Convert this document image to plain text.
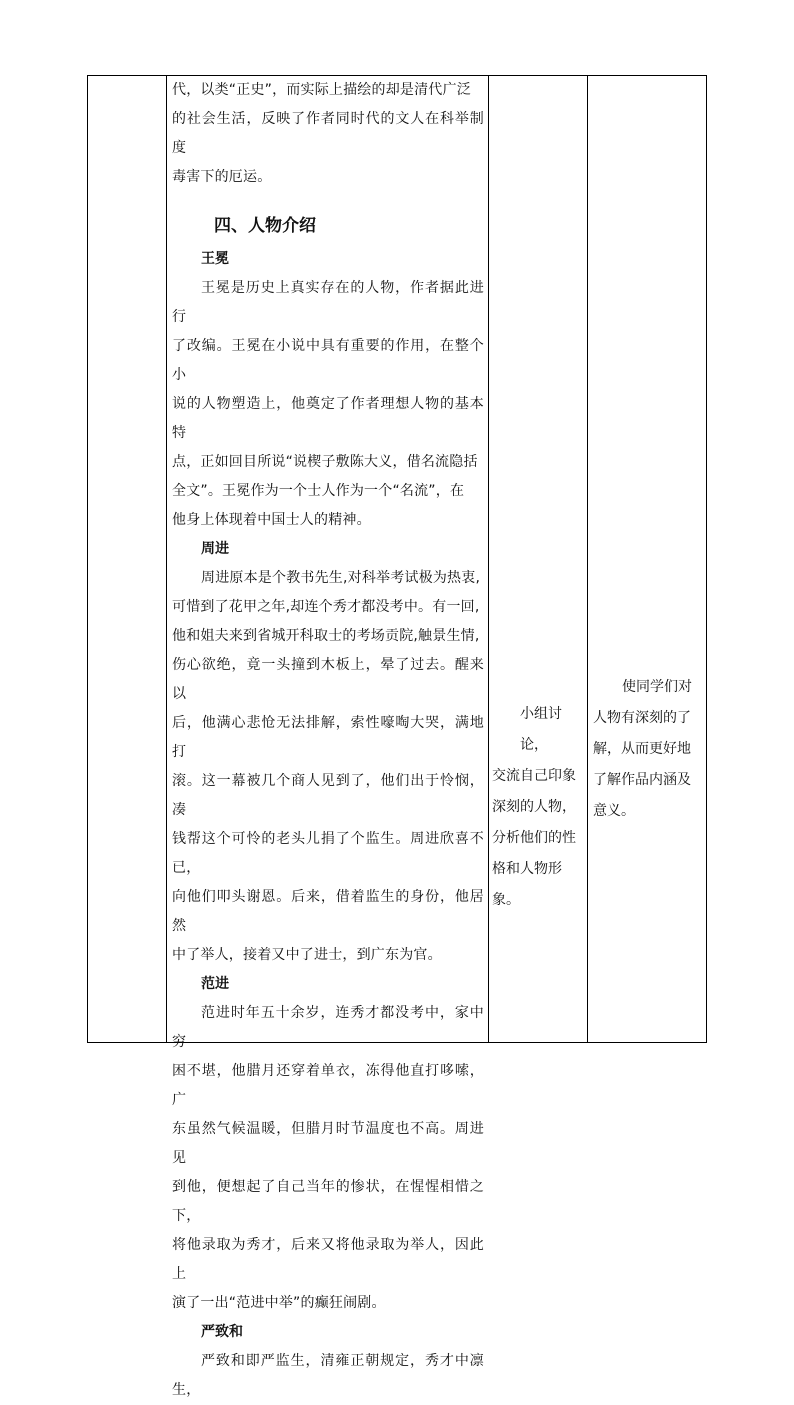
代，以类“正史”，而实际上描绘的却是清代广泛

的社会生活，反映了作者同时代的文人在科举制度

毒害下的厄运。

四、人物介绍

王冕

王冕是历史上真实存在的人物，作者据此进行

了改编。王冕在小说中具有重要的作用，在整个小

说的人物塑造上，他奠定了作者理想人物的基本特

点，正如回目所说“说楔子敷陈大义，借名流隐括

全文”。王冕作为一个士人作为一个“名流”，在

他身上体现着中国士人的精神。

周进

周进原本是个教书先生,对科举考试极为热衷,

可惜到了花甲之年,却连个秀才都没考中。有一回,

他和姐夫来到省城开科取士的考场贡院,触景生情,

伤心欲绝，竟一头撞到木板上，晕了过去。醒来以

后，他满心悲怆无法排解，索性嚎啕大哭，满地打

滚。这一幕被几个商人见到了，他们出于怜悯，凑

钱帮这个可怜的老头儿捐了个监生。周进欣喜不已，

向他们叩头谢恩。后来，借着监生的身份，他居然

中了举人，接着又中了进士，到广东为官。

范进

范进时年五十余岁，连秀才都没考中，家中穷

困不堪，他腊月还穿着单衣，冻得他直打哆嗦，广

东虽然气候温暖，但腊月时节温度也不高。周进见

到他，便想起了自己当年的惨状，在惺惺相惜之下，

将他录取为秀才，后来又将他录取为举人，因此上

演了一出“范进中举”的癫狂闹剧。

严致和

严致和即严监生，清雍正朝规定，秀才中凛生，

小组讨论，

交流自己印象

深刻的人物，

分析他们的性

格和人物形象。

使同学们对

人物有深刻的了

解，从而更好地

了解作品内涵及

意义。
